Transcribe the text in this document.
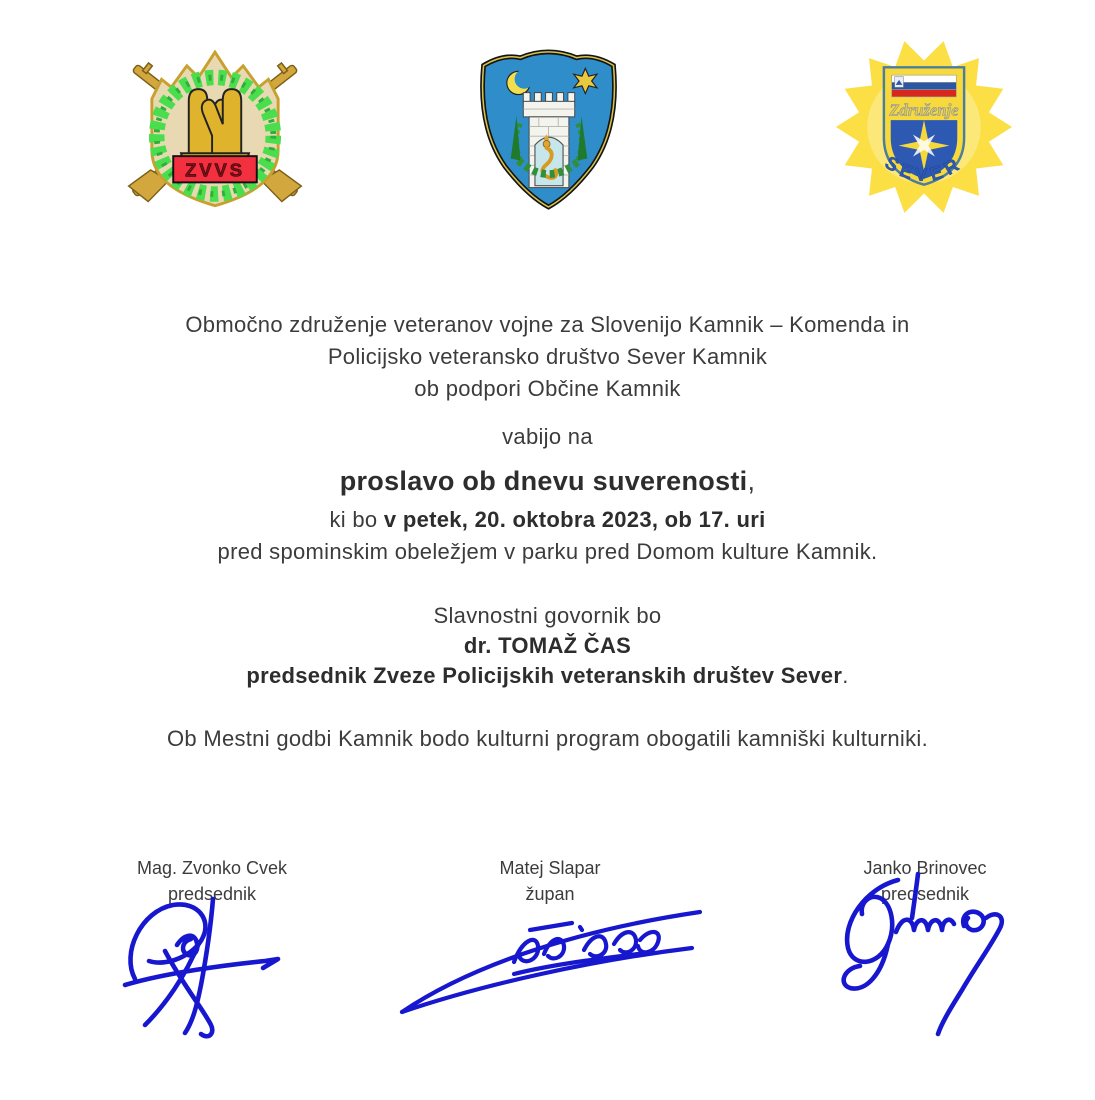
ZVVS
Združenje
SEVER
Območno združenje veteranov vojne za Slovenijo Kamnik – Komenda in
Policijsko veteransko društvo Sever Kamnik
ob podpori Občine Kamnik
vabijo na
proslavo ob dnevu suverenosti,
ki bo v petek, 20. oktobra 2023, ob 17. uri
pred spominskim obeležjem v parku pred Domom kulture Kamnik.
Slavnostni govornik bo
dr. TOMAŽ ČAS
predsednik Zveze Policijskih veteranskih društev Sever.
Ob Mestni godbi Kamnik bodo kulturni program obogatili kamniški kulturniki.
Mag. Zvonko Cvek
predsednik
Matej Slapar
župan
Janko Brinovec
predsednik
